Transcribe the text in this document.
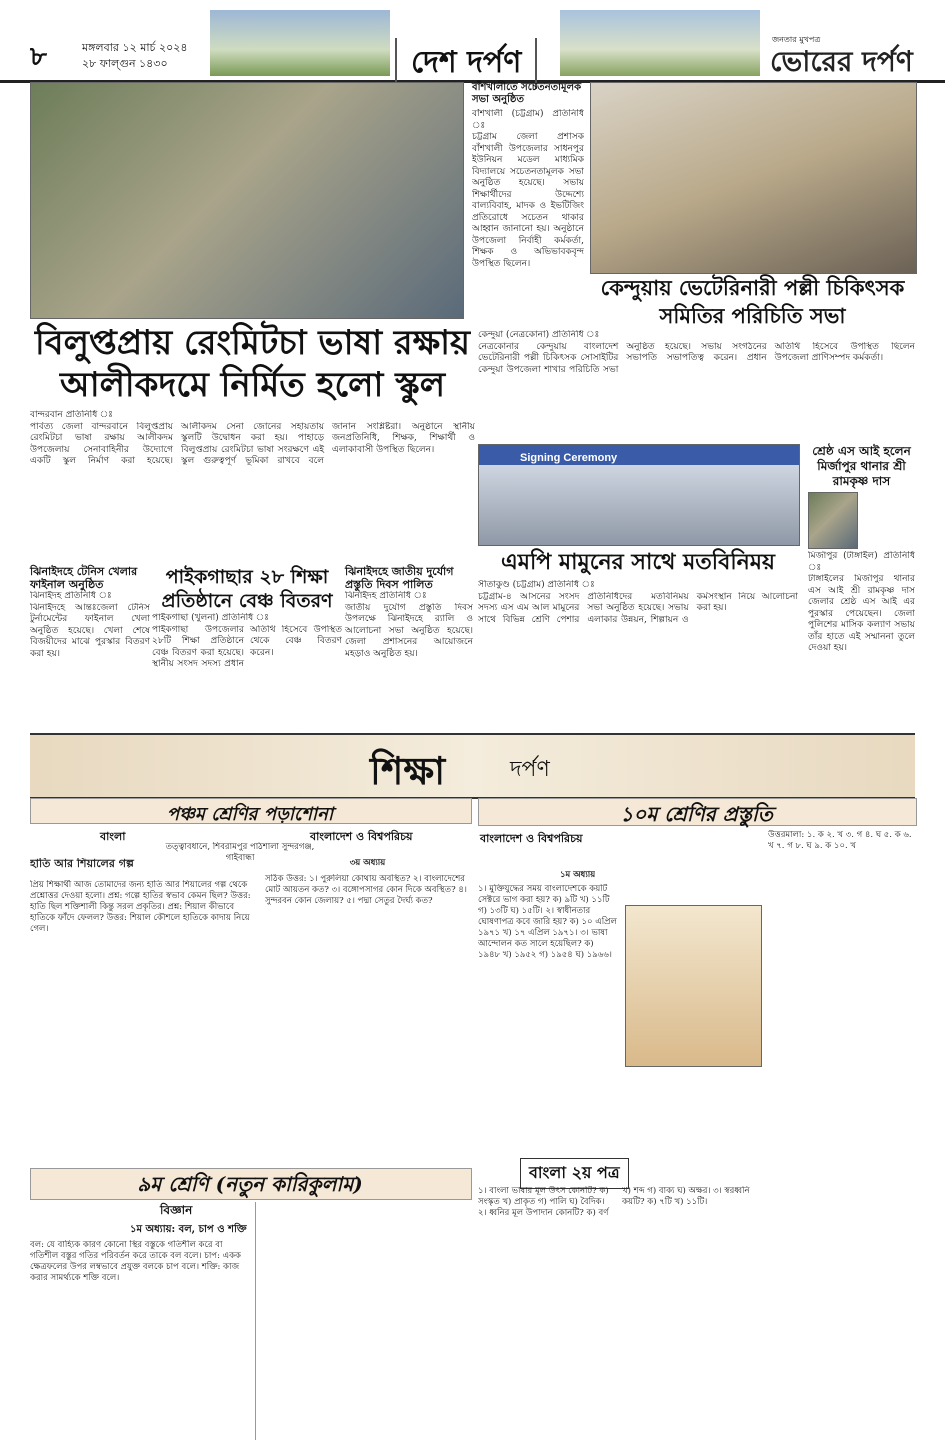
৮	মঙ্গলবার ১২ মার্চ ২০২৪
২৮ ফাল্গুন ১৪৩০	দেশ দর্পণ
জনতার মুখপত্র
ভোরের দর্পণ
বাঁশখালীতে সচেতনতামূলক সভা অনুষ্ঠিত
বাঁশখালী (চট্টগ্রাম) প্রতিনিধি ঃ
চট্টগ্রাম জেলা প্রশাসক বাঁশখালী উপজেলার সাধনপুর ইউনিয়ন মডেল মাধ্যমিক বিদ্যালয়ে সচেতনতামূলক সভা অনুষ্ঠিত হয়েছে। সভায় শিক্ষার্থীদের উদ্দেশ্যে বাল্যবিবাহ, মাদক ও ইভটিজিং প্রতিরোধে সচেতন থাকার আহ্বান জানানো হয়। অনুষ্ঠানে উপজেলা নির্বাহী কর্মকর্তা, শিক্ষক ও অভিভাবকবৃন্দ উপস্থিত ছিলেন।
কেন্দুয়ায় ভেটেরিনারী পল্লী চিকিৎসক
সমিতির পরিচিতি সভা
বিলুপ্তপ্রায় রেংমিটচা ভাষা রক্ষায়
আলীকদমে নির্মিত হলো স্কুল
কেন্দুয়া (নেত্রকোনা) প্রতিনিধি ঃ
নেত্রকোনার কেন্দুয়ায় বাংলাদেশ ভেটেরিনারী পল্লী চিকিৎসক সোসাইটির কেন্দুয়া উপজেলা শাখার পরিচিতি সভা অনুষ্ঠিত হয়েছে। সভায় সংগঠনের সভাপতি সভাপতিত্ব করেন। প্রধান অতিথি হিসেবে উপস্থিত ছিলেন উপজেলা প্রাণিসম্পদ কর্মকর্তা।
বান্দরবান প্রতিনিধি ঃ
পার্বত্য জেলা বান্দরবানে বিলুপ্তপ্রায় রেংমিটচা ভাষা রক্ষায় আলীকদম উপজেলায় সেনাবাহিনীর উদ্যোগে একটি স্কুল নির্মাণ করা হয়েছে। আলীকদম সেনা জোনের সহায়তায় স্কুলটি উদ্বোধন করা হয়। পাহাড়ে বিলুপ্তপ্রায় রেংমিটচা ভাষা সংরক্ষণে এই স্কুল গুরুত্বপূর্ণ ভূমিকা রাখবে বলে জানান সংশ্লিষ্টরা। অনুষ্ঠানে স্থানীয় জনপ্রতিনিধি, শিক্ষক, শিক্ষার্থী ও এলাকাবাসী উপস্থিত ছিলেন।
Signing Ceremony
এমপি মামুনের সাথে মতবিনিময়
শ্রেষ্ঠ এস আই হলেন মির্জাপুর থানার শ্রী রামকৃষ্ণ দাস
মির্জাপুর (টাঙ্গাইল) প্রতিনিধি ঃ
টাঙ্গাইলের মির্জাপুর থানার এস আই শ্রী রামকৃষ্ণ দাস জেলার শ্রেষ্ঠ এস আই এর পুরস্কার পেয়েছেন। জেলা পুলিশের মাসিক কল্যাণ সভায় তাঁর হাতে এই সম্মাননা তুলে দেওয়া হয়।
সীতাকুণ্ড (চট্টগ্রাম) প্রতিনিধি ঃ
চট্টগ্রাম-৪ আসনের সংসদ সদস্য এস এম আল মামুনের সাথে বিভিন্ন শ্রেণি পেশার প্রতিনিধিদের মতবিনিময় সভা অনুষ্ঠিত হয়েছে। সভায় এলাকার উন্নয়ন, শিল্পায়ন ও কর্মসংস্থান নিয়ে আলোচনা করা হয়।
ঝিনাইদহে টেনিস খেলার ফাইনাল অনুষ্ঠিত
ঝিনাইদহ প্রতিনিধি ঃ
ঝিনাইদহে আন্তঃজেলা টেনিস টুর্নামেন্টের ফাইনাল খেলা অনুষ্ঠিত হয়েছে। খেলা শেষে বিজয়ীদের মাঝে পুরস্কার বিতরণ করা হয়।
পাইকগাছার ২৮ শিক্ষা প্রতিষ্ঠানে বেঞ্চ বিতরণ
পাইকগাছা (খুলনা) প্রতিনিধি ঃ
পাইকগাছা উপজেলার ২৮টি শিক্ষা প্রতিষ্ঠানে বেঞ্চ বিতরণ করা হয়েছে। স্থানীয় সংসদ সদস্য প্রধান অতিথি হিসেবে উপস্থিত থেকে বেঞ্চ বিতরণ করেন।
ঝিনাইদহে জাতীয় দুর্যোগ প্রস্তুতি দিবস পালিত
ঝিনাইদহ প্রতিনিধি ঃ
জাতীয় দুর্যোগ প্রস্তুতি দিবস উপলক্ষে ঝিনাইদহে র‍্যালি ও আলোচনা সভা অনুষ্ঠিত হয়েছে। জেলা প্রশাসনের আয়োজনে মহড়াও অনুষ্ঠিত হয়।
শিক্ষা	দর্পণ
পঞ্চম শ্রেণির পড়াশোনা
বাংলা	বাংলাদেশ ও বিশ্বপরিচয়
তত্ত্বাবধানে, শিবরামপুর পাঠশালা সুন্দরগঞ্জ, গাইবান্ধা
হাতি আর শিয়ালের গল্প
প্রিয় শিক্ষার্থী আজ তোমাদের জন্য হাতি আর শিয়ালের গল্প থেকে প্রশ্নোত্তর দেওয়া হলো। প্রশ্ন: গল্পে হাতির স্বভাব কেমন ছিল? উত্তর: হাতি ছিল শক্তিশালী কিন্তু সরল প্রকৃতির। প্রশ্ন: শিয়াল কীভাবে হাতিকে ফাঁদে ফেলল? উত্তর: শিয়াল কৌশলে হাতিকে কাদায় নিয়ে গেল।
৩য় অধ্যায়
সঠিক উত্তর: ১। পুরুলিয়া কোথায় অবস্থিত? ২। বাংলাদেশের মোট আয়তন কত? ৩। বঙ্গোপসাগর কোন দিকে অবস্থিত? ৪। সুন্দরবন কোন জেলায়? ৫। পদ্মা সেতুর দৈর্ঘ্য কত?
৯ম শ্রেণি (নতুন কারিকুলাম)
বিজ্ঞান
১ম অধ্যায়: বল, চাপ ও শক্তি
বল: যে বাহ্যিক কারণ কোনো স্থির বস্তুকে গতিশীল করে বা গতিশীল বস্তুর গতির পরিবর্তন করে তাকে বল বলে। চাপ: একক ক্ষেত্রফলের উপর লম্বভাবে প্রযুক্ত বলকে চাপ বলে। শক্তি: কাজ করার সামর্থ্যকে শক্তি বলে।
১০ম শ্রেণির প্রস্তুতি
বাংলাদেশ ও বিশ্বপরিচয়
১ম অধ্যায়
১। মুক্তিযুদ্ধের সময় বাংলাদেশকে কয়টি সেক্টরে ভাগ করা হয়? ক) ৯টি খ) ১১টি গ) ১৩টি ঘ) ১৫টি। ২। স্বাধীনতার ঘোষণাপত্র কবে জারি হয়? ক) ১০ এপ্রিল ১৯৭১ খ) ১৭ এপ্রিল ১৯৭১। ৩। ভাষা আন্দোলন কত সালে হয়েছিল? ক) ১৯৪৮ খ) ১৯৫২ গ) ১৯৫৪ ঘ) ১৯৬৬।
বাংলা ২য় পত্র
১। বাংলা ভাষার মূল উৎস কোনটি? ক) সংস্কৃত খ) প্রাকৃত গ) পালি ঘ) বৈদিক। ২। ধ্বনির মূল উপাদান কোনটি? ক) বর্ণ খ) শব্দ গ) বাক্য ঘ) অক্ষর। ৩। স্বরধ্বনি কয়টি? ক) ৭টি খ) ১১টি।
উত্তরমালা: ১. ক ২. খ ৩. গ ৪. ঘ ৫. ক ৬. খ ৭. গ ৮. ঘ ৯. ক ১০. খ
